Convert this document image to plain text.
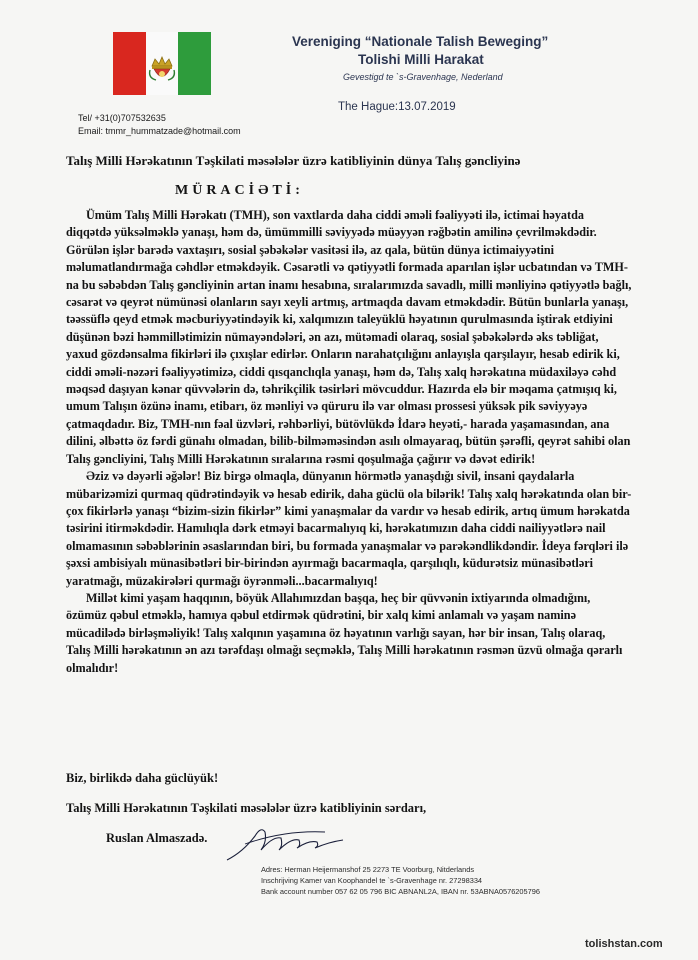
Tel/ +31(0)707532635
Email: tmmr_hummatzade@hotmail.com
Vereniging “Nationale Talish Beweging”
Tolishi Milli Harakat
Gevestigd te `s-Gravenhage, Nederland
The Hague:13.07.2019
Talış Milli Hərəkatının Təşkilati məsələlər üzrə katibliyinin dünya Talış gəncliyinə
MÜRACİƏTİ:

Ümüm Talış Milli Hərəkatı (TMH), son vaxtlarda daha ciddi əməli fəaliyyəti ilə, ictimai həyatda diqqətdə yüksəlməklə yanaşı, həm də, ümümmilli səviyyədə müəyyən rəğbətin amilinə çevrilməkdədir. Görülən işlər barədə vaxtaşırı, sosial şəbəkələr vasitəsi ilə, az qala, bütün dünya ictimaiyyətini məlumatlandırmağa cəhdlər etməkdəyik. Cəsarətli və qətiyyətli formada aparılan işlər ucbatından və TMH-na bu səbəbdən Talış gəncliyinin artan inamı hesabına, sıralarımızda savadlı, milli mənliyinə qətiyyətlə bağlı, cəsarət və qeyrət nümünəsi olanların sayı xeyli artmış, artmaqda davam etməkdədir. Bütün bunlarla yanaşı, təəssüflə qeyd etmək məcburiyyətindəyik ki, xalqımızın taleyüklü həyatının qurulmasında iştirak etdiyini düşünən bəzi həmmillətimizin nümayəndələri, ən azı, mütəmadi olaraq, sosial şəbəkələrdə əks təbliğat, yaxud gözdənsalma fikirləri ilə çıxışlar edirlər. Onların narahatçılığını anlayışla qarşılayır, hesab edirik ki, ciddi əməli-nəzəri fəaliyyətimizə, ciddi qısqanclıqla yanaşı, həm də, Talış xalq hərəkatına müdaxiləyə cəhd məqsəd daşıyan kənar qüvvələrin də, təhrikçilik təsirləri mövcuddur. Hazırda elə bir məqama çatmışıq ki, umum Talışın özünə inamı, etibarı, öz mənliyi və qüruru ilə var olması prossesi yüksək pik səviyyəyə çatmaqdadır. Biz, TMH-nın fəal üzvləri, rəhbərliyi, bütövlükdə İdarə heyəti,- harada yaşamasından, ana dilini, əlbəttə öz fərdi günahı olmadan, bilib-bilməməsindən asılı olmayaraq, bütün şərəfli, qeyrət sahibi olan Talış gəncliyini, Talış Milli Hərəkatının sıralarına rəsmi qoşulmağa çağırır və dəvət edirik!

Əziz və dəyərli əğələr! Biz birgə olmaqla, dünyanın hörmətlə yanaşdığı sivil, insani qaydalarla mübarizəmizi qurmaq qüdrətindəyik və hesab edirik, daha güclü ola bilərik! Talış xalq hərəkatında olan bir-çox fikirlərlə yanaşı “bizim-sizin fikirlər” kimi yanaşmalar da vardır və hesab edirik, artıq ümum hərəkatda təsirini itirməkdədir. Hamılıqla dərk etməyi bacarmalıyıq ki, hərəkatımızın daha ciddi nailiyyətlərə nail olmamasının səbəblərinin əsaslarından biri, bu formada yanaşmalar və parəkəndlikdəndir. İdeya fərqləri ilə şəxsi ambisiyalı münasibətləri bir-birindən ayırmağı bacarmaqla, qarşılıqlı, küdurətsiz münasibətləri yaratmağı, müzakirələri qurmağı öyrənməli...bacarmalıyıq!

Millət kimi yaşam haqqının, böyük Allahımızdan başqa, heç bir qüvvənin ixtiyarında olmadığını, özümüz qəbul etməklə, hamıya qəbul etdirmək qüdrətini, bir xalq kimi anlamalı və yaşam naminə mücadilədə birləşməliyik! Talış xalqının yaşamına öz həyatının varlığı sayan, hər bir insan, Talış olaraq, Talış Milli hərəkatının ən azı tərəfdaşı olmağı seçməklə, Talış Milli hərəkatının rəsmən üzvü olmağa qərarlı olmalıdır!

Biz, birlikdə daha güclüyük!
Talış Milli Hərəkatının Təşkilati məsələlər üzrə katibliyinin sərdarı,
Ruslan Almaszadə.
Adres: Herman Heijermanshof 25 2273 TE Voorburg, Nitderlands
Inschrijving Kamer van Koophandel te `s-Gravenhage nr. 27298334
Bank account number 057 62 05 796 BIC ABNANL2A, IBAN nr. 53ABNA0576205796
tolishstan.com
